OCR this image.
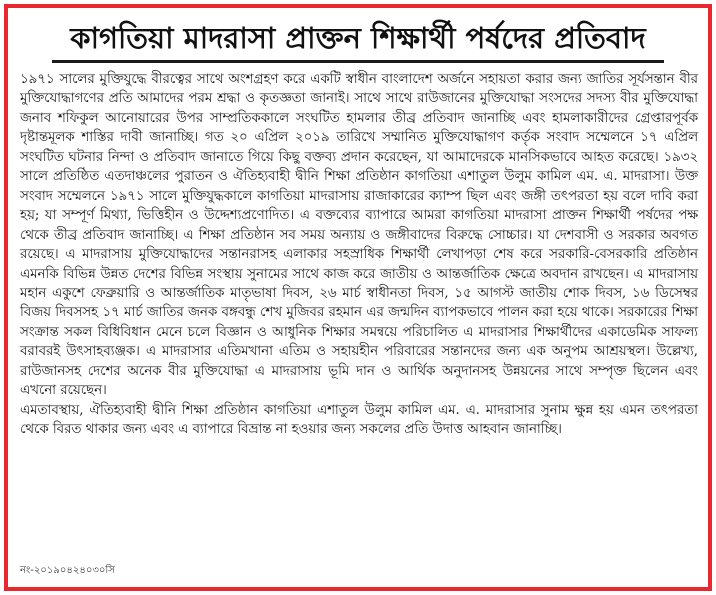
কাগতিয়া মাদরাসা প্রাক্তন শিক্ষার্থী পর্ষদের প্রতিবাদ

১৯৭১ সালের মুক্তিযুদ্ধে বীরত্বের সাথে অংশগ্রহণ করে একটি স্বাধীন বাংলাদেশ অর্জনে সহায়তা করার জন্য জাতির সূর্যসন্তান বীর মুক্তিযোদ্ধাগণের প্রতি আমাদের পরম শ্রদ্ধা ও কৃতজ্ঞতা জানাই। সাথে সাথে রাউজানের মুক্তিযোদ্ধা সংসদের সদস্য বীর মুক্তিযোদ্ধা জনাব শফিকুল আনোয়ারের উপর সাম্প্রতিককালে সংঘটিত হামলার তীব্র প্রতিবাদ জানাচ্ছি এবং হামলাকারীদের গ্রেপ্তারপূর্বক দৃষ্টান্তমূলক শাস্তির দাবী জানাচ্ছি। গত ২০ এপ্রিল ২০১৯ তারিখে সম্মানিত মুক্তিযোদ্ধাগণ কর্তৃক সংবাদ সম্মেলনে ১৭ এপ্রিল সংঘটিত ঘটনার নিন্দা ও প্রতিবাদ জানাতে গিয়ে কিছু বক্তব্য প্রদান করেছেন, যা আমাদেরকে মানসিকভাবে আহত করেছে। ১৯৩২ সালে প্রতিষ্ঠিত এতদাঞ্চলের পুরাতন ও ঐতিহ্যবাহী দ্বীনি শিক্ষা প্রতিষ্ঠান কাগতিয়া এশাতুল উলুম কামিল এম. এ. মাদরাসা। উক্ত সংবাদ সম্মেলনে ১৯৭১ সালে মুক্তিযুদ্ধকালে কাগতিয়া মাদরাসায় রাজাকারের ক্যাম্প ছিল এবং জঙ্গী তৎপরতা হয় বলে দাবি করা হয়; যা সম্পূর্ণ মিথ্যা, ভিত্তিহীন ও উদ্দেশ্যপ্রণোদিত। এ বক্তব্যের ব্যাপারে আমরা কাগতিয়া মাদরাসা প্রাক্তন শিক্ষার্থী পর্ষদের পক্ষ থেকে তীব্র প্রতিবাদ জানাচ্ছি। এ শিক্ষা প্রতিষ্ঠান সব সময় অন্যায় ও জঙ্গীবাদের বিরুদ্ধে সোচ্চার। যা দেশবাসী ও সরকার অবগত রয়েছে। এ মাদরাসায় মুক্তিযোদ্ধাদের সন্তানরাসহ এলাকার সহস্রাধিক শিক্ষার্থী লেখাপড়া শেষ করে সরকারি-বেসরকারি প্রতিষ্ঠান এমনকি বিভিন্ন উন্নত দেশের বিভিন্ন সংস্থায় সুনামের সাথে কাজ করে জাতীয় ও আন্তর্জাতিক ক্ষেত্রে অবদান রাখছেন। এ মাদরাসায় মহান একুশে ফেব্রুয়ারি ও আন্তর্জাতিক মাতৃভাষা দিবস, ২৬ মার্চ স্বাধীনতা দিবস, ১৫ আগস্ট জাতীয় শোক দিবস, ১৬ ডিসেম্বর বিজয় দিবসসহ ১৭ মার্চ জাতির জনক বঙ্গবন্ধু শেখ মুজিবর রহমান এর জন্মদিন ব্যাপকভাবে পালন করা হয়ে থাকে। সরকারের শিক্ষা সংক্রান্ত সকল বিধিবিধান মেনে চলে বিজ্ঞান ও আধুনিক শিক্ষার সমন্বয়ে পরিচালিত এ মাদরাসার শিক্ষার্থীদের একাডেমিক সাফল্য বরাবরই উৎসাহব্যঞ্জক। এ মাদরাসার এতিমখানা এতিম ও সহায়হীন পরিবারের সন্তানদের জন্য এক অনুপম আশ্রয়স্থল। উল্লেখ্য, রাউজানসহ দেশের অনেক বীর মুক্তিযোদ্ধা এ মাদরাসায় ভূমি দান ও আর্থিক অনুদানসহ উন্নয়নের সাথে সম্পৃক্ত ছিলেন এবং এখনো রয়েছেন।

এমতাবস্থায়, ঐতিহ্যবাহী দ্বীনি শিক্ষা প্রতিষ্ঠান কাগতিয়া এশাতুল উলুম কামিল এম. এ. মাদরাসার সুনাম ক্ষুন্ন হয় এমন তৎপরতা থেকে বিরত থাকার জন্য এবং এ ব্যাপারে বিভ্রান্ত না হওয়ার জন্য সকলের প্রতি উদাত্ত আহবান জানাচ্ছি।

নং-২০১৯০৪২৪০৩০সি
